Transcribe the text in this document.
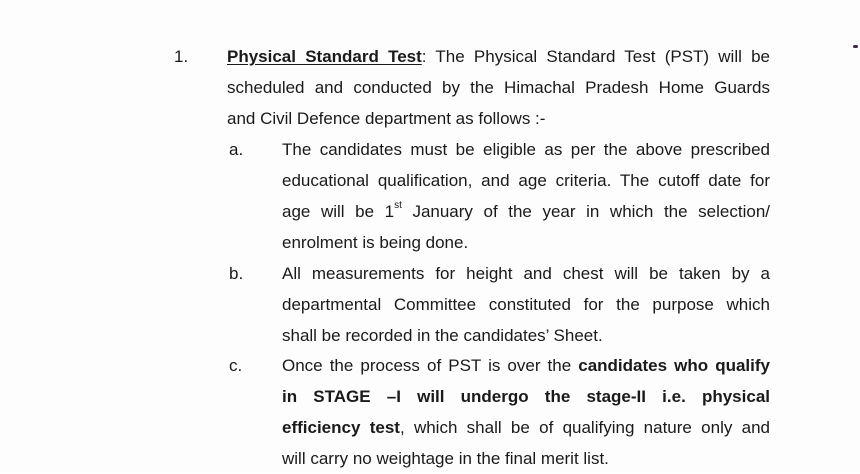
1. Physical Standard Test: The Physical Standard Test (PST) will be
scheduled and conducted by the Himachal Pradesh Home Guards
and Civil Defence department as follows :-
a. The candidates must be eligible as per the above prescribed
educational qualification, and age criteria. The cutoff date for
age will be 1st January of the year in which the selection/
enrolment is being done.
b. All measurements for height and chest will be taken by a
departmental Committee constituted for the purpose which
shall be recorded in the candidates’ Sheet.
c. Once the process of PST is over the candidates who qualify
in STAGE –I will undergo the stage-II i.e. physical
efficiency test, which shall be of qualifying nature only and
will carry no weightage in the final merit list.
